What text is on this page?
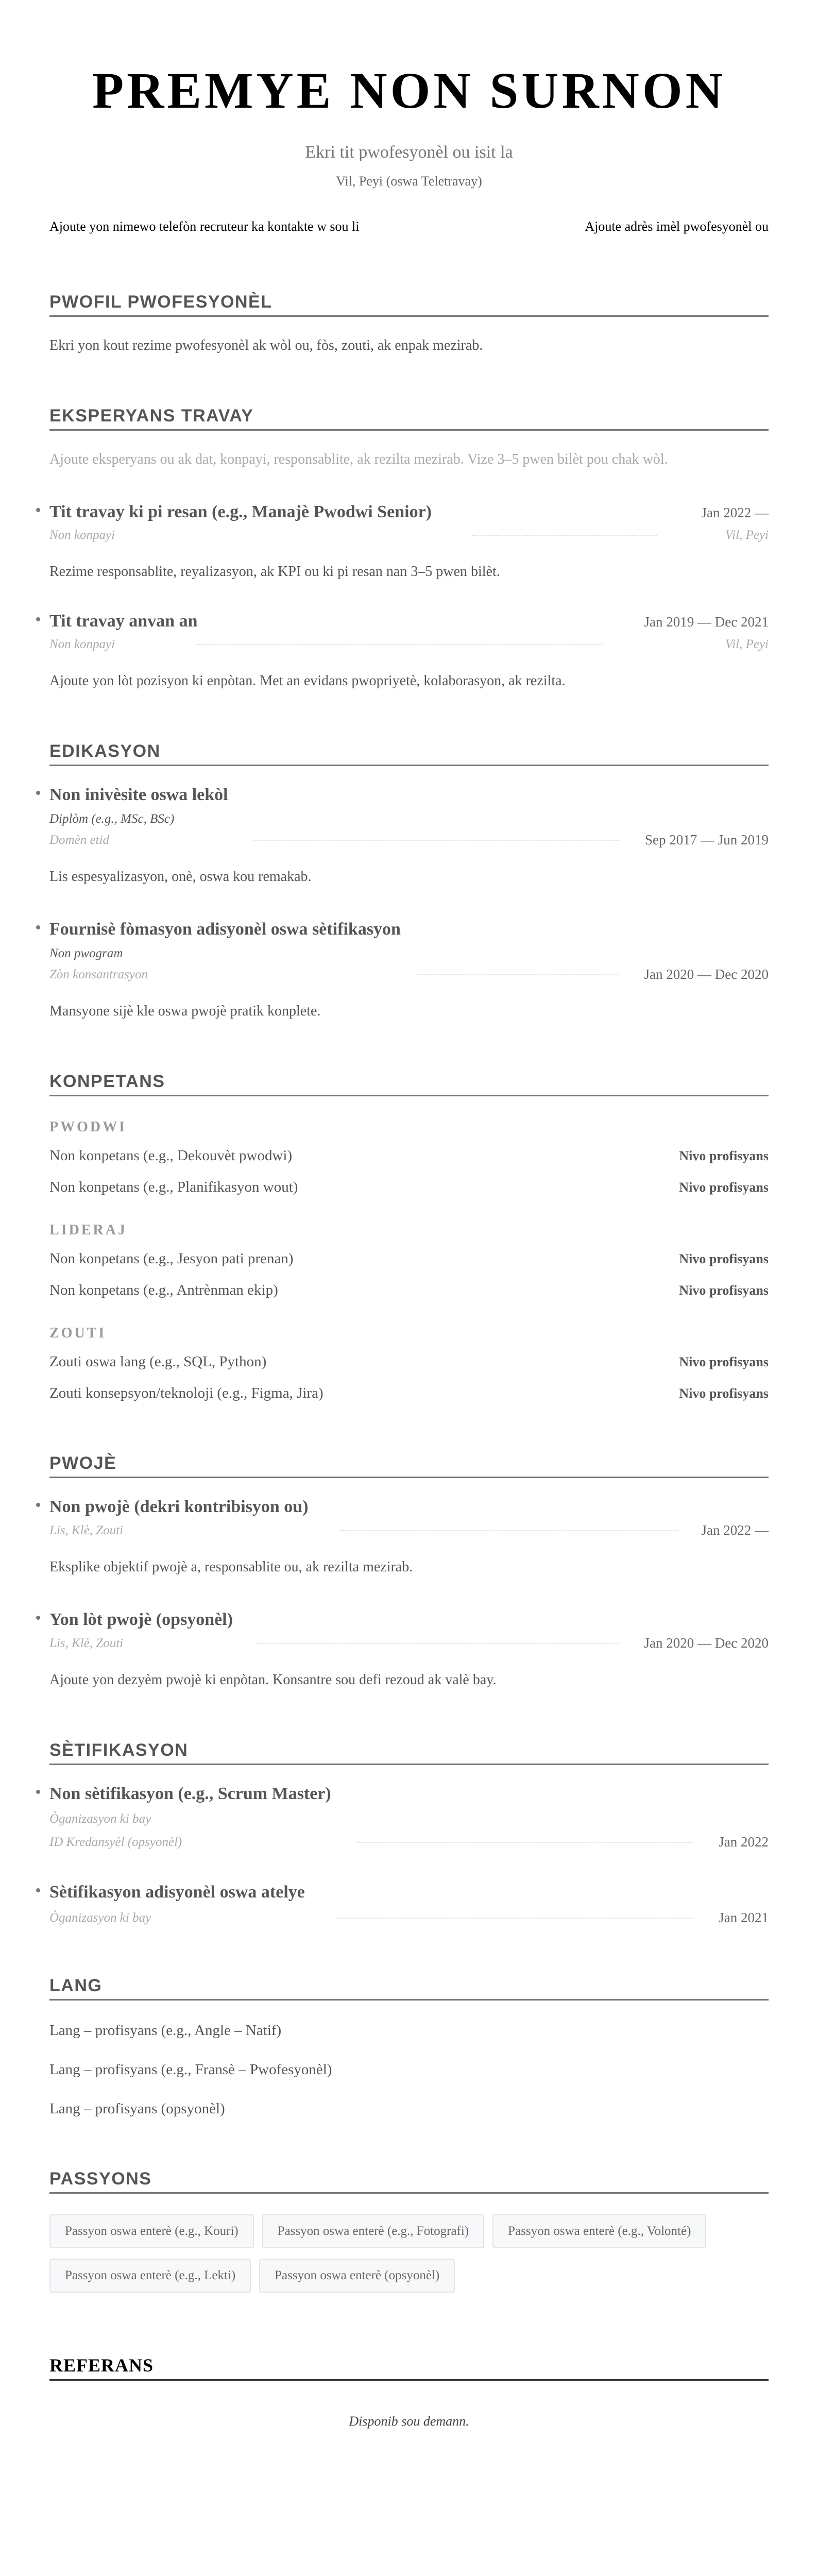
PREMYE NON SURNON
Ekri tit pwofesyonèl ou isit la
Vil, Peyi (oswa Teletravay)
Ajoute yon nimewo telefòn recruteur ka kontakte w sou li	Ajoute adrès imèl pwofesyonèl ou
PWOFIL PWOFESYONÈL
Ekri yon kout rezime pwofesyonèl ak wòl ou, fòs, zouti, ak enpak mezirab.
EKSPERYANS TRAVAY
Ajoute eksperyans ou ak dat, konpayi, responsablite, ak rezilta mezirab. Vize 3–5 pwen bilèt pou chak wòl.
Tit travay ki pi resan (e.g., Manajè Pwodwi Senior)	Jan 2022 —
Non konpayi	Vil, Peyi
Rezime responsablite, reyalizasyon, ak KPI ou ki pi resan nan 3–5 pwen bilèt.
Tit travay anvan an	Jan 2019 — Dec 2021
Non konpayi	Vil, Peyi
Ajoute yon lòt pozisyon ki enpòtan. Met an evidans pwopriyetè, kolaborasyon, ak rezilta.
EDIKASYON
Non inivèsite oswa lekòl
Diplòm (e.g., MSc, BSc)
Domèn etid	Sep 2017 — Jun 2019
Lis espesyalizasyon, onè, oswa kou remakab.
Fournisè fòmasyon adisyonèl oswa sètifikasyon
Non pwogram
Zòn konsantrasyon	Jan 2020 — Dec 2020
Mansyone sijè kle oswa pwojè pratik konplete.
KONPETANS
PWODWI
Non konpetans (e.g., Dekouvèt pwodwi)	Nivo profisyans
Non konpetans (e.g., Planifikasyon wout)	Nivo profisyans
LIDERAJ
Non konpetans (e.g., Jesyon pati prenan)	Nivo profisyans
Non konpetans (e.g., Antrènman ekip)	Nivo profisyans
ZOUTI
Zouti oswa lang (e.g., SQL, Python)	Nivo profisyans
Zouti konsepsyon/teknoloji (e.g., Figma, Jira)	Nivo profisyans
PWOJÈ
Non pwojè (dekri kontribisyon ou)
Lis, Klè, Zouti	Jan 2022 —
Eksplike objektif pwojè a, responsablite ou, ak rezilta mezirab.
Yon lòt pwojè (opsyonèl)
Lis, Klè, Zouti	Jan 2020 — Dec 2020
Ajoute yon dezyèm pwojè ki enpòtan. Konsantre sou defi rezoud ak valè bay.
SÈTIFIKASYON
Non sètifikasyon (e.g., Scrum Master)
Òganizasyon ki bay
ID Kredansyèl (opsyonèl)	Jan 2022
Sètifikasyon adisyonèl oswa atelye
Òganizasyon ki bay	Jan 2021
LANG
Lang – profisyans (e.g., Angle – Natif)
Lang – profisyans (e.g., Fransè – Pwofesyonèl)
Lang – profisyans (opsyonèl)
PASSYONS
Passyon oswa enterè (e.g., Kouri)	Passyon oswa enterè (e.g., Fotografi)	Passyon oswa enterè (e.g., Volonté)
Passyon oswa enterè (e.g., Lekti)	Passyon oswa enterè (opsyonèl)
REFERANS
Disponib sou demann.
